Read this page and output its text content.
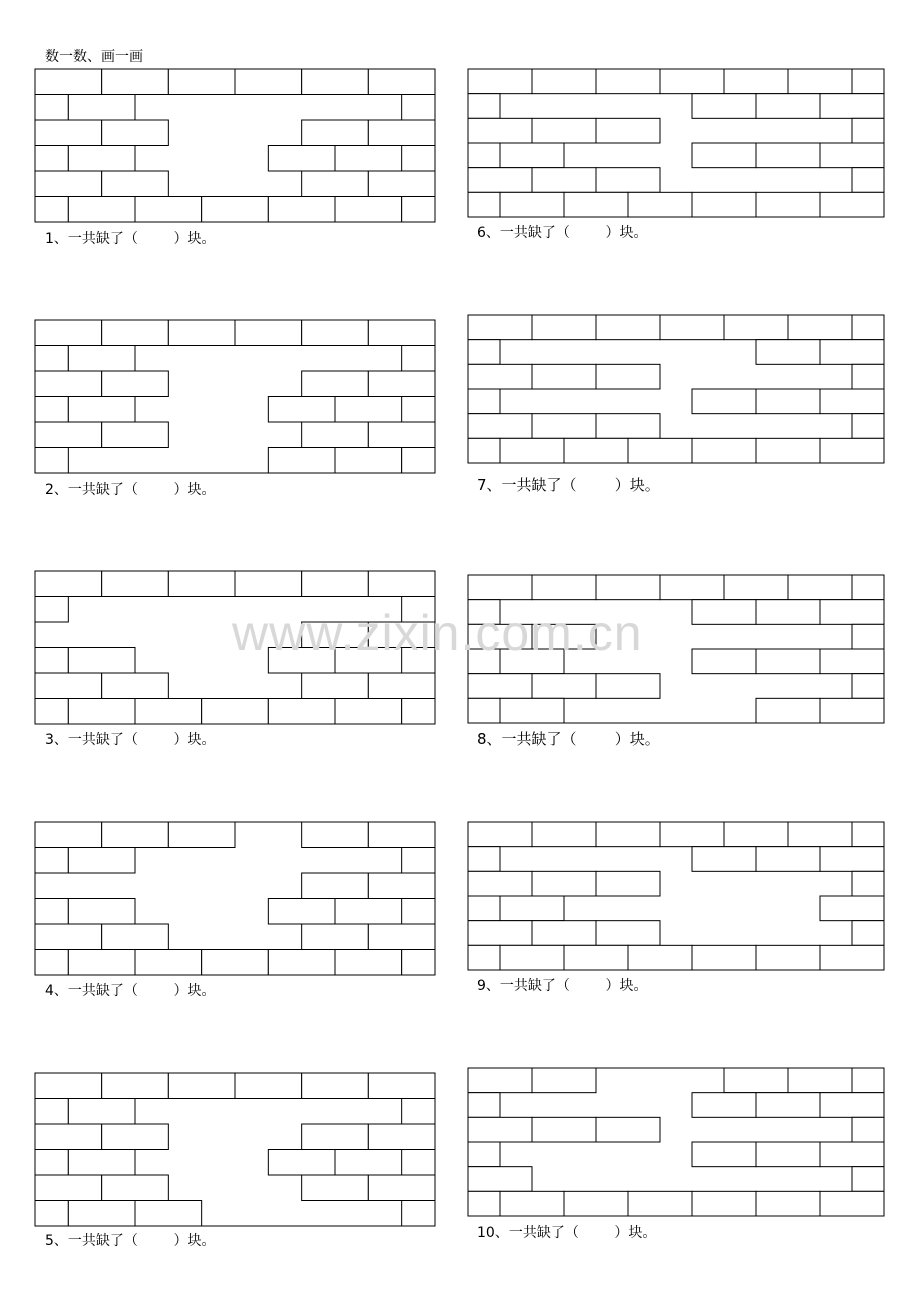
数一数、画一画
www.zixin.com.cn
1、一共缺了（        ）块。
2、一共缺了（        ）块。
3、一共缺了（        ）块。
4、一共缺了（        ）块。
5、一共缺了（        ）块。
6、一共缺了（        ）块。
7、一共缺了（        ）块。
8、一共缺了（        ）块。
9、一共缺了（        ）块。
10、一共缺了（        ）块。
